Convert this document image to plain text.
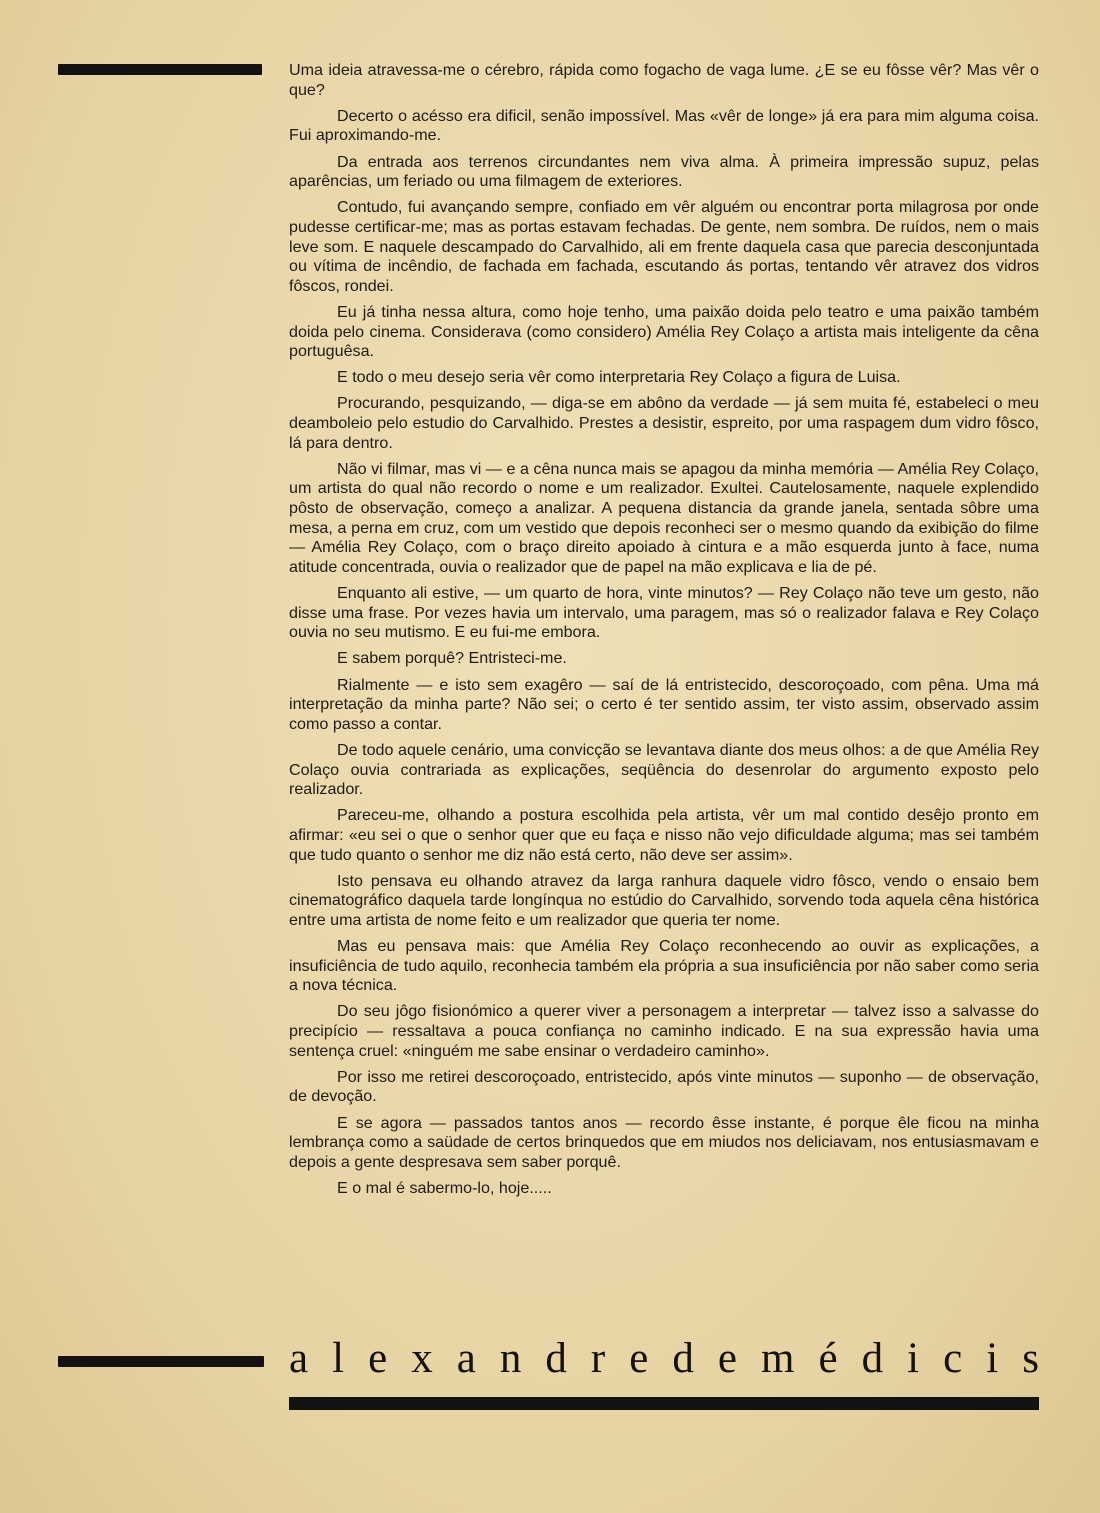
Uma ideia atravessa-me o cérebro, rápida como fogacho de vaga lume. ¿E se eu fôsse vêr? Mas vêr o que?

Decerto o acésso era dificil, senão impossível. Mas «vêr de longe» já era para mim alguma coisa. Fui aproximando-me.

Da entrada aos terrenos circundantes nem viva alma. À primeira impressão supuz, pelas aparências, um feriado ou uma filmagem de exteriores.

Contudo, fui avançando sempre, confiado em vêr alguém ou encontrar porta milagrosa por onde pudesse certificar-me; mas as portas estavam fechadas. De gente, nem sombra. De ruídos, nem o mais leve som. E naquele descampado do Carvalhido, ali em frente daquela casa que parecia desconjuntada ou vítima de incêndio, de fachada em fachada, escutando ás portas, tentando vêr atravez dos vidros fôscos, rondei.

Eu já tinha nessa altura, como hoje tenho, uma paixão doida pelo teatro e uma paixão também doida pelo cinema. Considerava (como considero) Amélia Rey Colaço a artista mais inteligente da cêna portuguêsa.

E todo o meu desejo seria vêr como interpretaria Rey Colaço a figura de Luisa.

Procurando, pesquizando, — diga-se em abôno da verdade — já sem muita fé, estabeleci o meu deamboleio pelo estudio do Carvalhido. Prestes a desistir, espreito, por uma raspagem dum vidro fôsco, lá para dentro.

Não vi filmar, mas vi — e a cêna nunca mais se apagou da minha memória — Amélia Rey Colaço, um artista do qual não recordo o nome e um realizador. Exultei. Cautelosamente, naquele explendido pôsto de observação, começo a analizar. A pequena distancia da grande janela, sentada sôbre uma mesa, a perna em cruz, com um vestido que depois reconheci ser o mesmo quando da exibição do filme — Amélia Rey Colaço, com o braço direito apoiado à cintura e a mão esquerda junto à face, numa atitude concentrada, ouvia o realizador que de papel na mão explicava e lia de pé.

Enquanto ali estive, — um quarto de hora, vinte minutos? — Rey Colaço não teve um gesto, não disse uma frase. Por vezes havia um intervalo, uma paragem, mas só o realizador falava e Rey Colaço ouvia no seu mutismo. E eu fui-me embora.

E sabem porquê? Entristeci-me.

Rialmente — e isto sem exagêro — saí de lá entristecido, descoroçoado, com pêna. Uma má interpretação da minha parte? Não sei; o certo é ter sentido assim, ter visto assim, observado assim como passo a contar.

De todo aquele cenário, uma convicção se levantava diante dos meus olhos: a de que Amélia Rey Colaço ouvia contrariada as explicações, seqüência do desenrolar do argumento exposto pelo realizador.

Pareceu-me, olhando a postura escolhida pela artista, vêr um mal contido desêjo pronto em afirmar: «eu sei o que o senhor quer que eu faça e nisso não vejo dificuldade alguma; mas sei também que tudo quanto o senhor me diz não está certo, não deve ser assim».

Isto pensava eu olhando atravez da larga ranhura daquele vidro fôsco, vendo o ensaio bem cinematográfico daquela tarde longínqua no estúdio do Carvalhido, sorvendo toda aquela cêna histórica entre uma artista de nome feito e um realizador que queria ter nome.

Mas eu pensava mais: que Amélia Rey Colaço reconhecendo ao ouvir as explicações, a insuficiência de tudo aquilo, reconhecia também ela própria a sua insuficiência por não saber como seria a nova técnica.

Do seu jôgo fisionómico a querer viver a personagem a interpretar — talvez isso a salvasse do precipício — ressaltava a pouca confiança no caminho indicado. E na sua expressão havia uma sentença cruel: «ninguém me sabe ensinar o verdadeiro caminho».

Por isso me retirei descoroçoado, entristecido, após vinte minutos — suponho — de observação, de devoção.

E se agora — passados tantos anos — recordo êsse instante, é porque êle ficou na minha lembrança como a saüdade de certos brinquedos que em miudos nos deliciavam, nos entusiasmavam e depois a gente despresava sem saber porquê.

E o mal é sabermo-lo, hoje.....

a l e x a n d r e d e m é d i c i s
